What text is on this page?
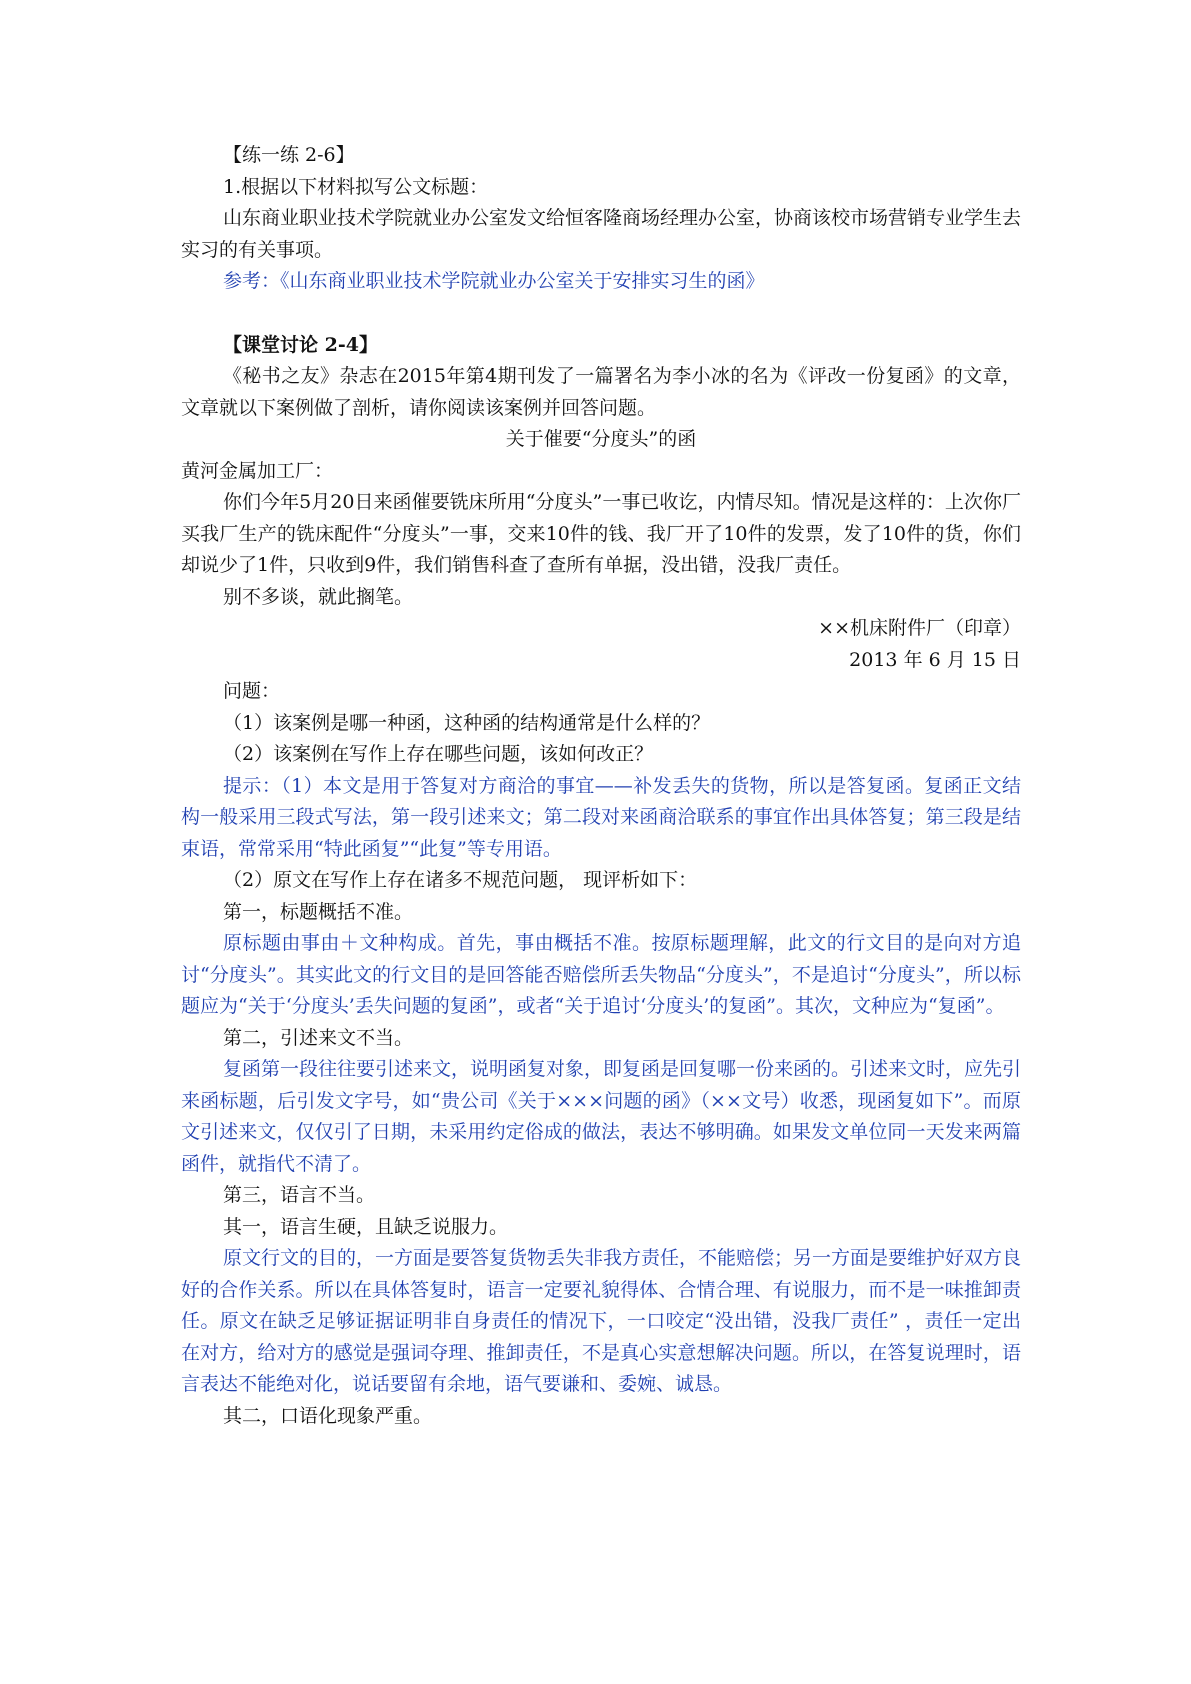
【练一练 2-6】

1.根据以下材料拟写公文标题：

山东商业职业技术学院就业办公室发文给恒客隆商场经理办公室，协商该校市场营销专业学生去实习的有关事项。

参考：《山东商业职业技术学院就业办公室关于安排实习生的函》

【课堂讨论 2-4】

《秘书之友》杂志在2015年第4期刊发了一篇署名为李小冰的名为《评改一份复函》的文章，文章就以下案例做了剖析，请你阅读该案例并回答问题。

关于催要“分度头”的函

黄河金属加工厂：

你们今年5月20日来函催要铣床所用“分度头”一事已收讫，内情尽知。情况是这样的：上次你厂买我厂生产的铣床配件“分度头”一事，交来10件的钱、我厂开了10件的发票，发了10件的货，你们却说少了1件，只收到9件，我们销售科查了查所有单据，没出错，没我厂责任。

别不多谈，就此搁笔。

××机床附件厂（印章）

2013 年 6 月 15 日

问题：

（1）该案例是哪一种函，这种函的结构通常是什么样的？

（2）该案例在写作上存在哪些问题，该如何改正？

提示：（1）本文是用于答复对方商洽的事宜——补发丢失的货物，所以是答复函。复函正文结构一般采用三段式写法，第一段引述来文；第二段对来函商洽联系的事宜作出具体答复；第三段是结束语，常常采用“特此函复”“此复”等专用语。

（2）原文在写作上存在诸多不规范问题， 现评析如下：

第一，标题概括不准。

原标题由事由＋文种构成。首先，事由概括不准。按原标题理解，此文的行文目的是向对方追讨“分度头”。其实此文的行文目的是回答能否赔偿所丢失物品“分度头”，不是追讨“分度头”，所以标题应为“关于‘分度头’丢失问题的复函”，或者“关于追讨‘分度头’的复函”。其次，文种应为“复函”。

第二，引述来文不当。

复函第一段往往要引述来文，说明函复对象，即复函是回复哪一份来函的。引述来文时，应先引来函标题，后引发文字号，如“贵公司《关于×××问题的函》（××文号）收悉，现函复如下”。而原文引述来文，仅仅引了日期，未采用约定俗成的做法，表达不够明确。如果发文单位同一天发来两篇函件，就指代不清了。

第三，语言不当。

其一，语言生硬，且缺乏说服力。

原文行文的目的，一方面是要答复货物丢失非我方责任，不能赔偿；另一方面是要维护好双方良好的合作关系。所以在具体答复时，语言一定要礼貌得体、合情合理、有说服力，而不是一味推卸责任。原文在缺乏足够证据证明非自身责任的情况下，一口咬定“没出错，没我厂责任” ，责任一定出在对方，给对方的感觉是强词夺理、推卸责任，不是真心实意想解决问题。所以，在答复说理时，语言表达不能绝对化，说话要留有余地，语气要谦和、委婉、诚恳。

其二，口语化现象严重。
